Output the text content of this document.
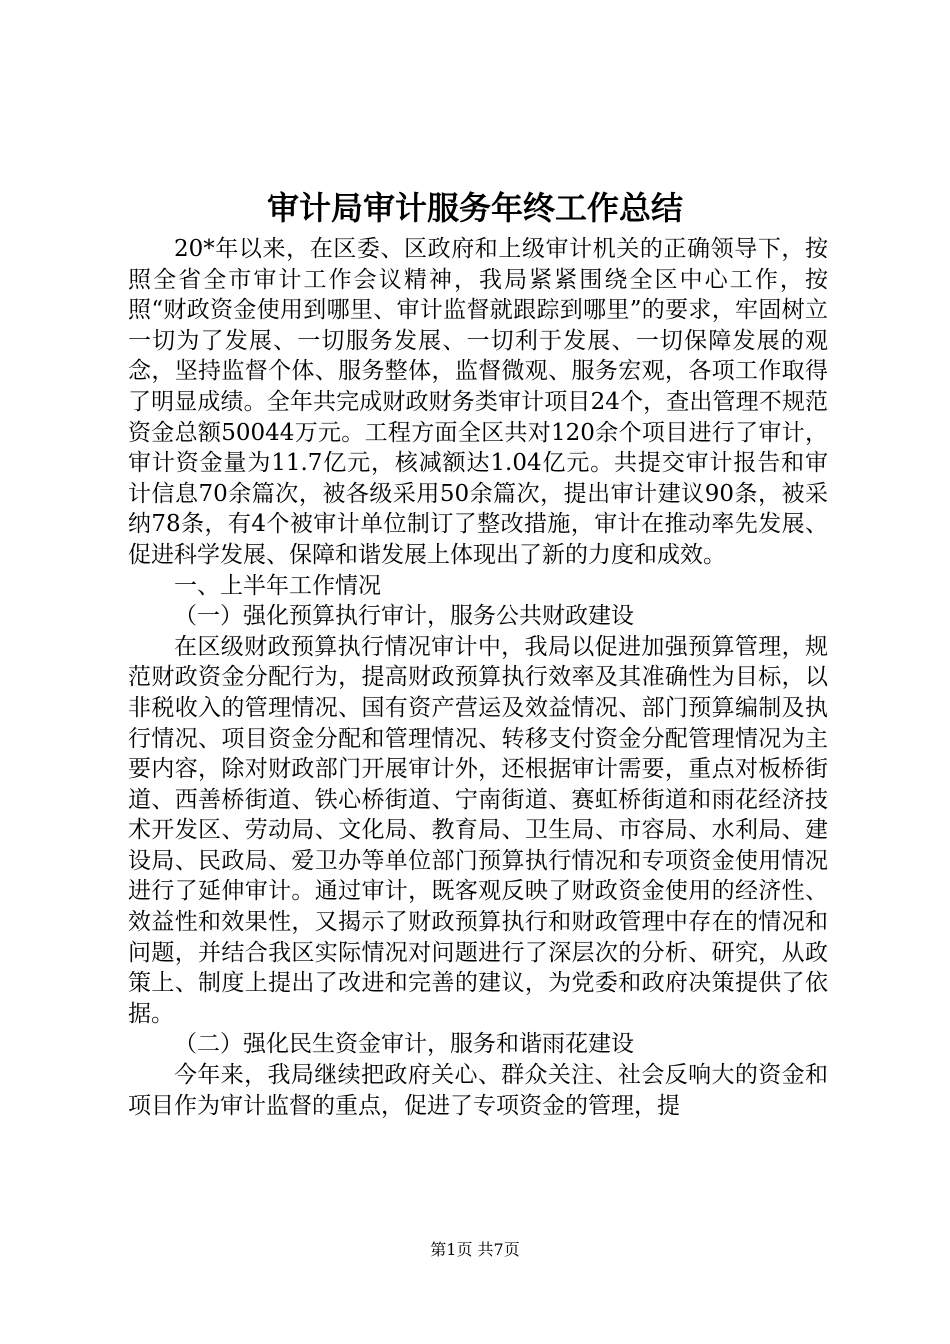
审计局审计服务年终工作总结

20*年以来，在区委、区政府和上级审计机关的正确领导下，按照全省全市审计工作会议精神，我局紧紧围绕全区中心工作，按照“财政资金使用到哪里、审计监督就跟踪到哪里”的要求，牢固树立一切为了发展、一切服务发展、一切利于发展、一切保障发展的观念，坚持监督个体、服务整体，监督微观、服务宏观，各项工作取得了明显成绩。全年共完成财政财务类审计项目24个，查出管理不规范资金总额50044万元。工程方面全区共对120余个项目进行了审计，审计资金量为11.7亿元，核减额达1.04亿元。共提交审计报告和审计信息70余篇次，被各级采用50余篇次，提出审计建议90条，被采纳78条，有4个被审计单位制订了整改措施，审计在推动率先发展、促进科学发展、保障和谐发展上体现出了新的力度和成效。

一、上半年工作情况

（一）强化预算执行审计，服务公共财政建设

在区级财政预算执行情况审计中，我局以促进加强预算管理，规范财政资金分配行为，提高财政预算执行效率及其准确性为目标，以非税收入的管理情况、国有资产营运及效益情况、部门预算编制及执行情况、项目资金分配和管理情况、转移支付资金分配管理情况为主要内容，除对财政部门开展审计外，还根据审计需要，重点对板桥街道、西善桥街道、铁心桥街道、宁南街道、赛虹桥街道和雨花经济技术开发区、劳动局、文化局、教育局、卫生局、市容局、水利局、建设局、民政局、爱卫办等单位部门预算执行情况和专项资金使用情况进行了延伸审计。通过审计，既客观反映了财政资金使用的经济性、效益性和效果性，又揭示了财政预算执行和财政管理中存在的情况和问题，并结合我区实际情况对问题进行了深层次的分析、研究，从政策上、制度上提出了改进和完善的建议，为党委和政府决策提供了依据。

（二）强化民生资金审计，服务和谐雨花建设

今年来，我局继续把政府关心、群众关注、社会反响大的资金和项目作为审计监督的重点，促进了专项资金的管理，提

第1页 共7页
